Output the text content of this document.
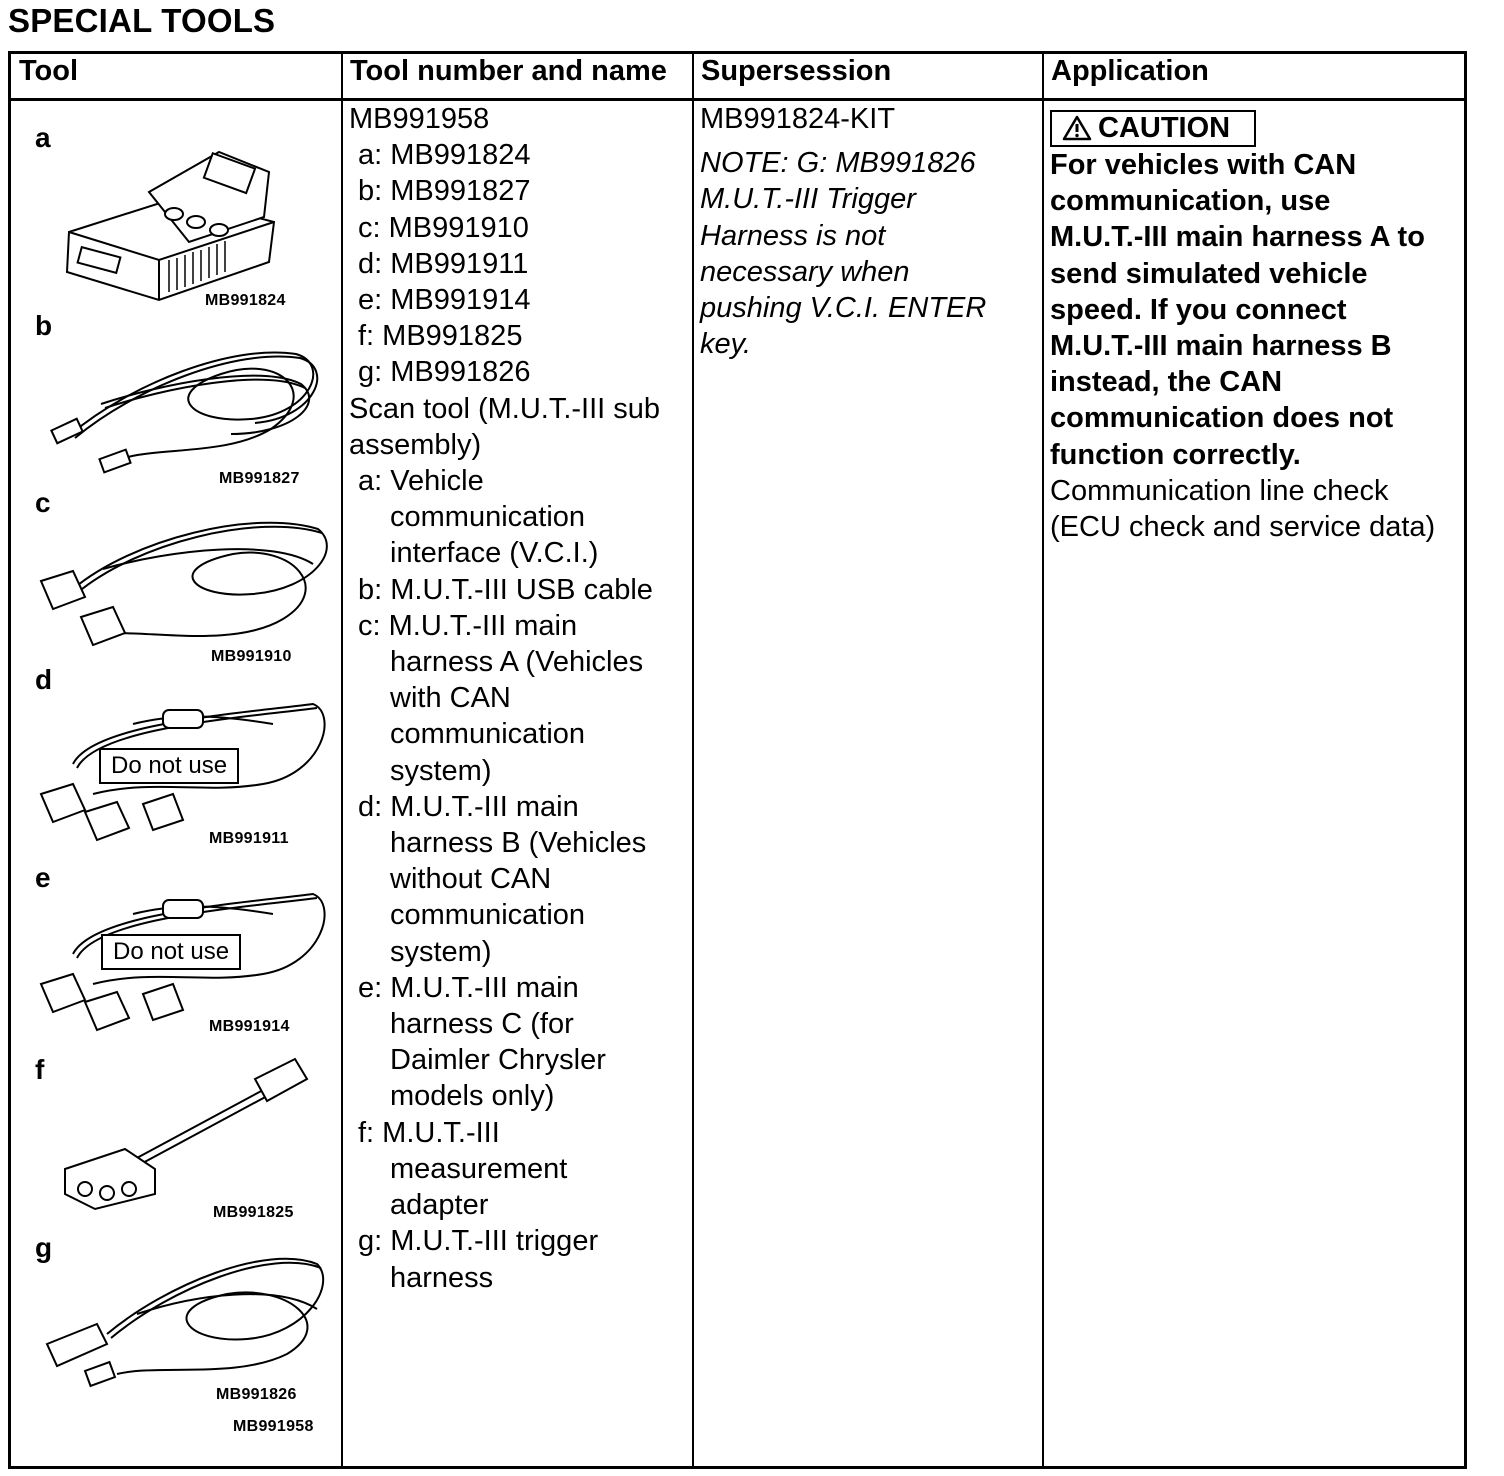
SPECIAL TOOLS
Tool	Tool number and name Supersession	Application
a
MB991824
b
MB991827
c
MB991910
d
Do not use
MB991911
e
Do not use
MB991914
f
MB991825
g
MB991826
MB991958
MB991958
a: MB991824
b: MB991827
c: MB991910
d: MB991911
e: MB991914
f: MB991825
g: MB991826
Scan tool (M.U.T.-III sub
assembly)
a: Vehicle
communication
interface (V.C.I.)
b: M.U.T.-III USB cable
c: M.U.T.-III main
harness A (Vehicles
with CAN
communication
system)
d: M.U.T.-III main
harness B (Vehicles
without CAN
communication
system)
e: M.U.T.-III main
harness C (for
Daimler Chrysler
models only)
f: M.U.T.-III
measurement
adapter
g: M.U.T.-III trigger
harness
MB991824-KIT
NOTE: G: MB991826
M.U.T.-III Trigger
Harness is not
necessary when
pushing V.C.I. ENTER
key.
CAUTION
For vehicles with CAN
communication, use
M.U.T.-III main harness A to
send simulated vehicle
speed. If you connect
M.U.T.-III main harness B
instead, the CAN
communication does not
function correctly.
Communication line check
(ECU check and service data)
